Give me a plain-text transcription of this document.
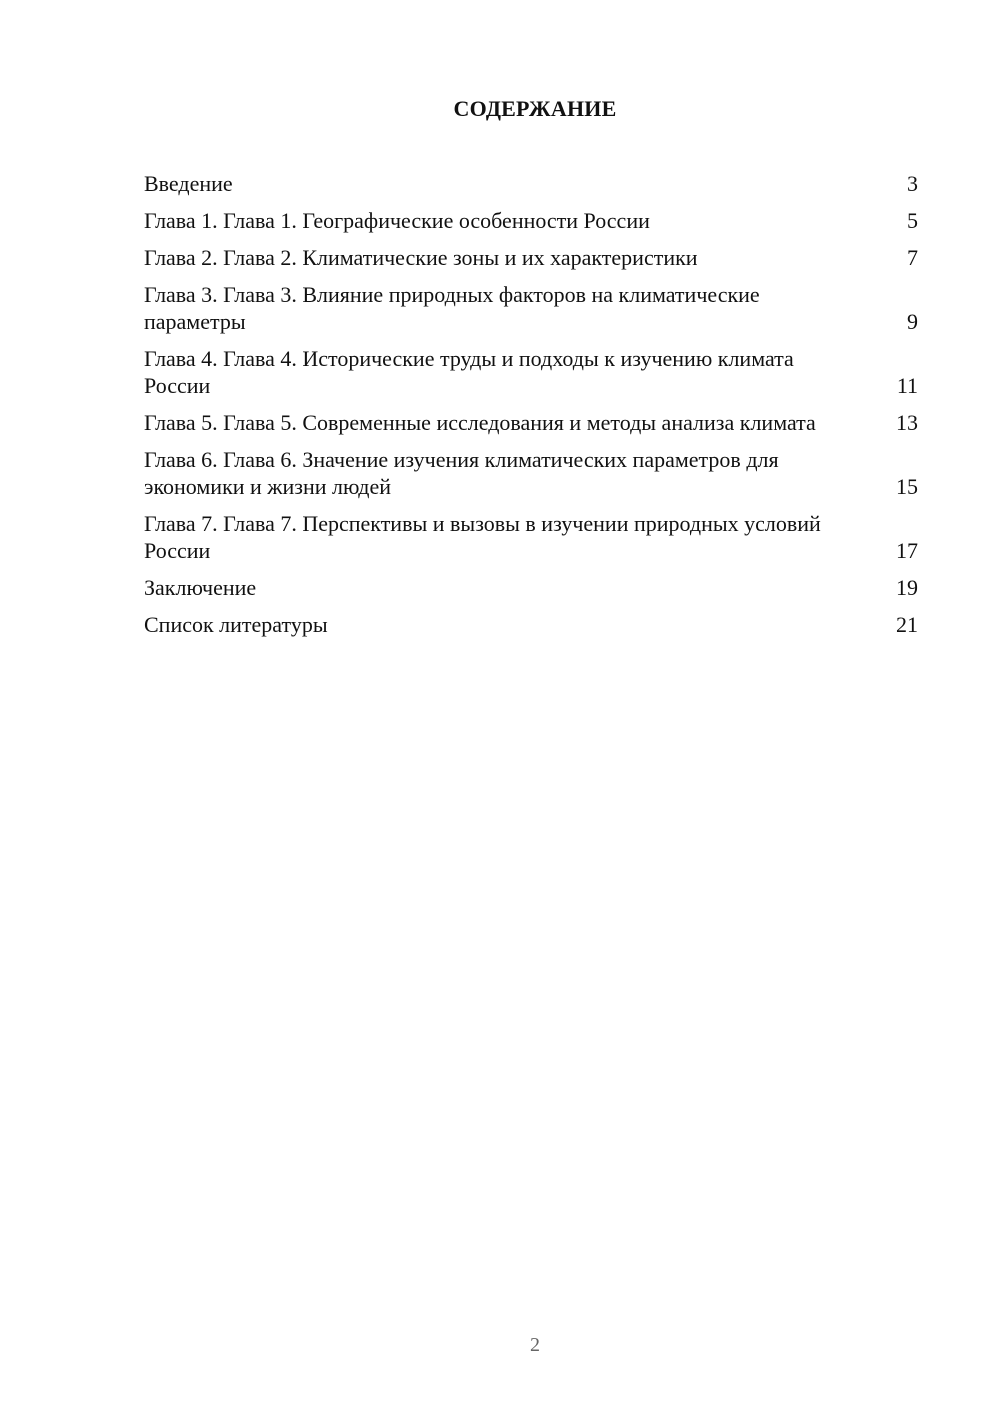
СОДЕРЖАНИЕ
Введение	3
Глава 1. Глава 1. Географические особенности России	5
Глава 2. Глава 2. Климатические зоны и их характеристики	7
Глава 3. Глава 3. Влияние природных факторов на климатические параметры	9
Глава 4. Глава 4. Исторические труды и подходы к изучению климата России	11
Глава 5. Глава 5. Современные исследования и методы анализа климата	13
Глава 6. Глава 6. Значение изучения климатических параметров для экономики и жизни людей	15
Глава 7. Глава 7. Перспективы и вызовы в изучении природных условий России	17
Заключение	19
Список литературы	21
2
